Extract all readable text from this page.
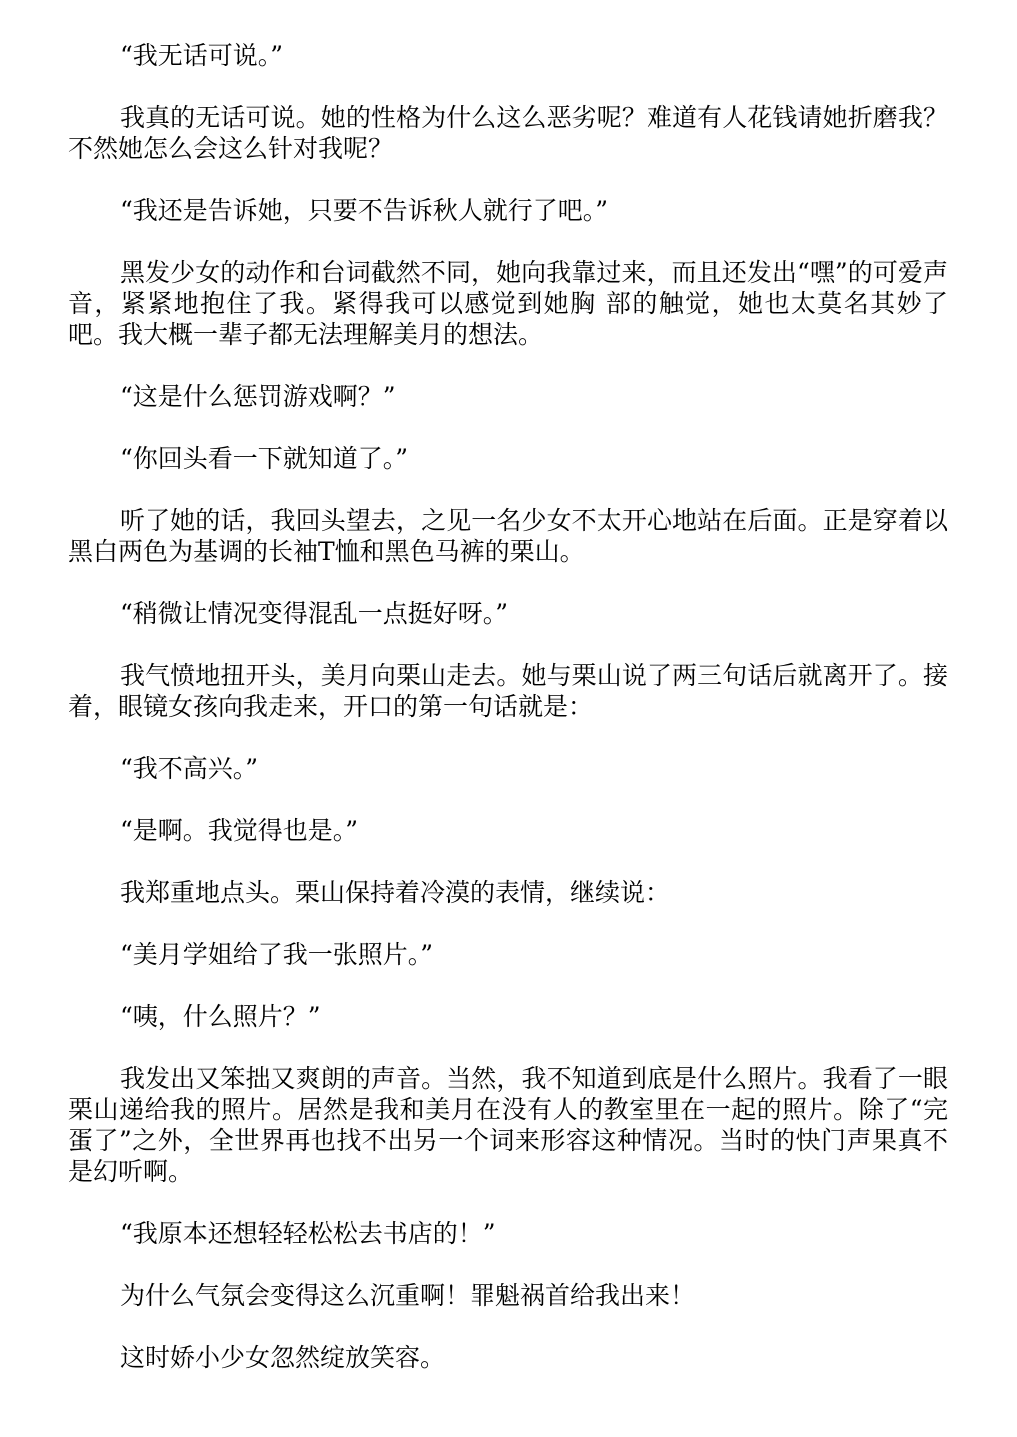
“我无话可说。”

我真的无话可说。她的性格为什么这么恶劣呢？难道有人花钱请她折磨我？不然她怎么会这么针对我呢？

“我还是告诉她，只要不告诉秋人就行了吧。”

黑发少女的动作和台词截然不同，她向我靠过来，而且还发出“嘿”的可爱声音，紧紧地抱住了我。紧得我可以感觉到她胸 部的触觉，她也太莫名其妙了吧。我大概一辈子都无法理解美月的想法。

“这是什么惩罚游戏啊？”

“你回头看一下就知道了。”

听了她的话，我回头望去，之见一名少女不太开心地站在后面。正是穿着以黑白两色为基调的长袖T恤和黑色马裤的栗山。

“稍微让情况变得混乱一点挺好呀。”

我气愤地扭开头，美月向栗山走去。她与栗山说了两三句话后就离开了。接着，眼镜女孩向我走来，开口的第一句话就是：

“我不高兴。”

“是啊。我觉得也是。”

我郑重地点头。栗山保持着冷漠的表情，继续说：

“美月学姐给了我一张照片。”

“咦，什么照片？”

我发出又笨拙又爽朗的声音。当然，我不知道到底是什么照片。我看了一眼栗山递给我的照片。居然是我和美月在没有人的教室里在一起的照片。除了“完蛋了”之外，全世界再也找不出另一个词来形容这种情况。当时的快门声果真不是幻听啊。

“我原本还想轻轻松松去书店的！”

为什么气氛会变得这么沉重啊！罪魁祸首给我出来！

这时娇小少女忽然绽放笑容。
